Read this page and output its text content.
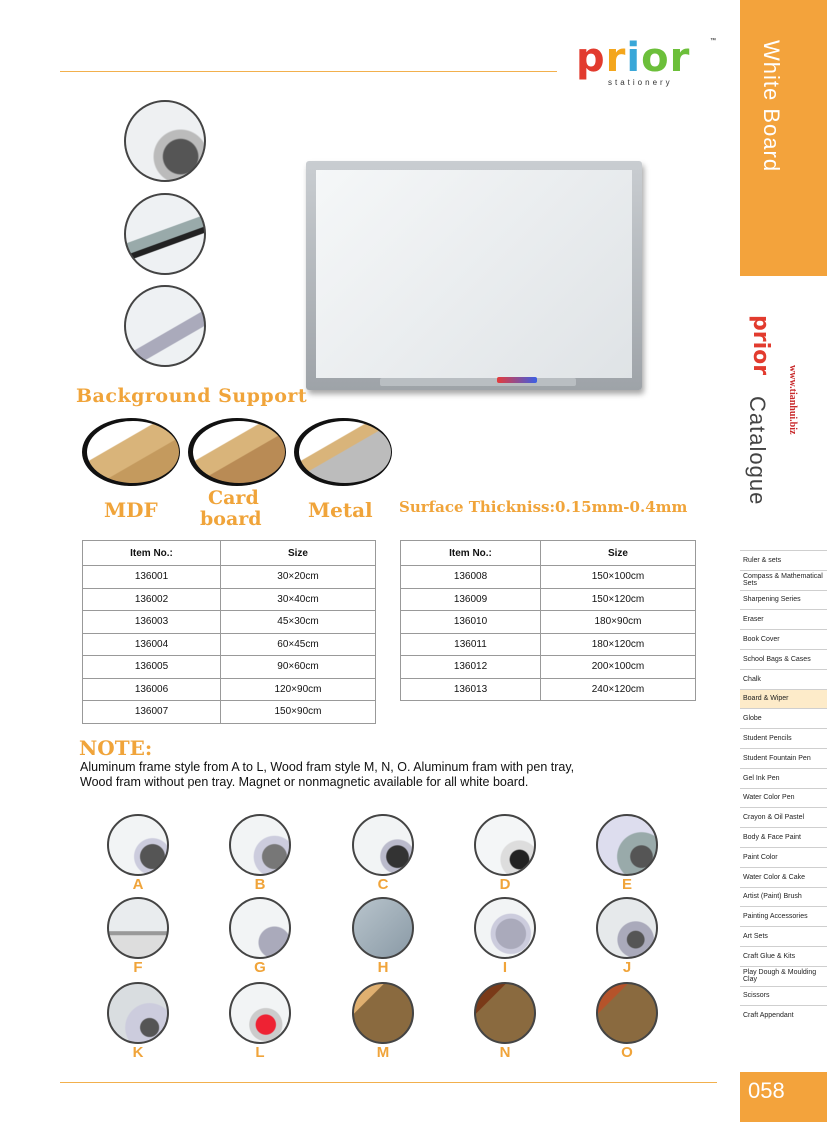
prior	™
stationery	White Board
prior
Catalogue www.tianhui.biz
Ruler & sets
Compass & Mathematical Sets
Sharpening Series
Eraser
Book Cover
School Bags & Cases
Chalk
Board & Wiper
Globe
Student Pencils
Student Fountain Pen
Gel Ink Pen
Water Color Pen
Crayon & Oil Pastel
Body & Face Paint
Paint Color
Water Color & Cake
Artist (Paint) Brush
Painting Accessories
Art Sets
Craft Glue & Kits
Play Dough & Moulding Clay
Scissors
Craft Appendant
058
Background Support
MDF	Card
board Metal Surface Thickniss:0.15mm-0.4mm
Item No.:	Size
136001	30×20cm
136002	30×40cm
136003	45×30cm
136004	60×45cm
136005	90×60cm
136006	120×90cm
136007	150×90cm
Item No.:	Size
136008	150×100cm
136009	150×120cm
136010	180×90cm
136011	180×120cm
136012	200×100cm
136013	240×120cm
NOTE:
Aluminum frame style from A to L, Wood fram style M, N, O. Aluminum fram with pen tray,
Wood fram without pen tray. Magnet or nonmagnetic available for all white board.
A	B	C	D	E
F	G	H	I	J
K	L	M	N	O
